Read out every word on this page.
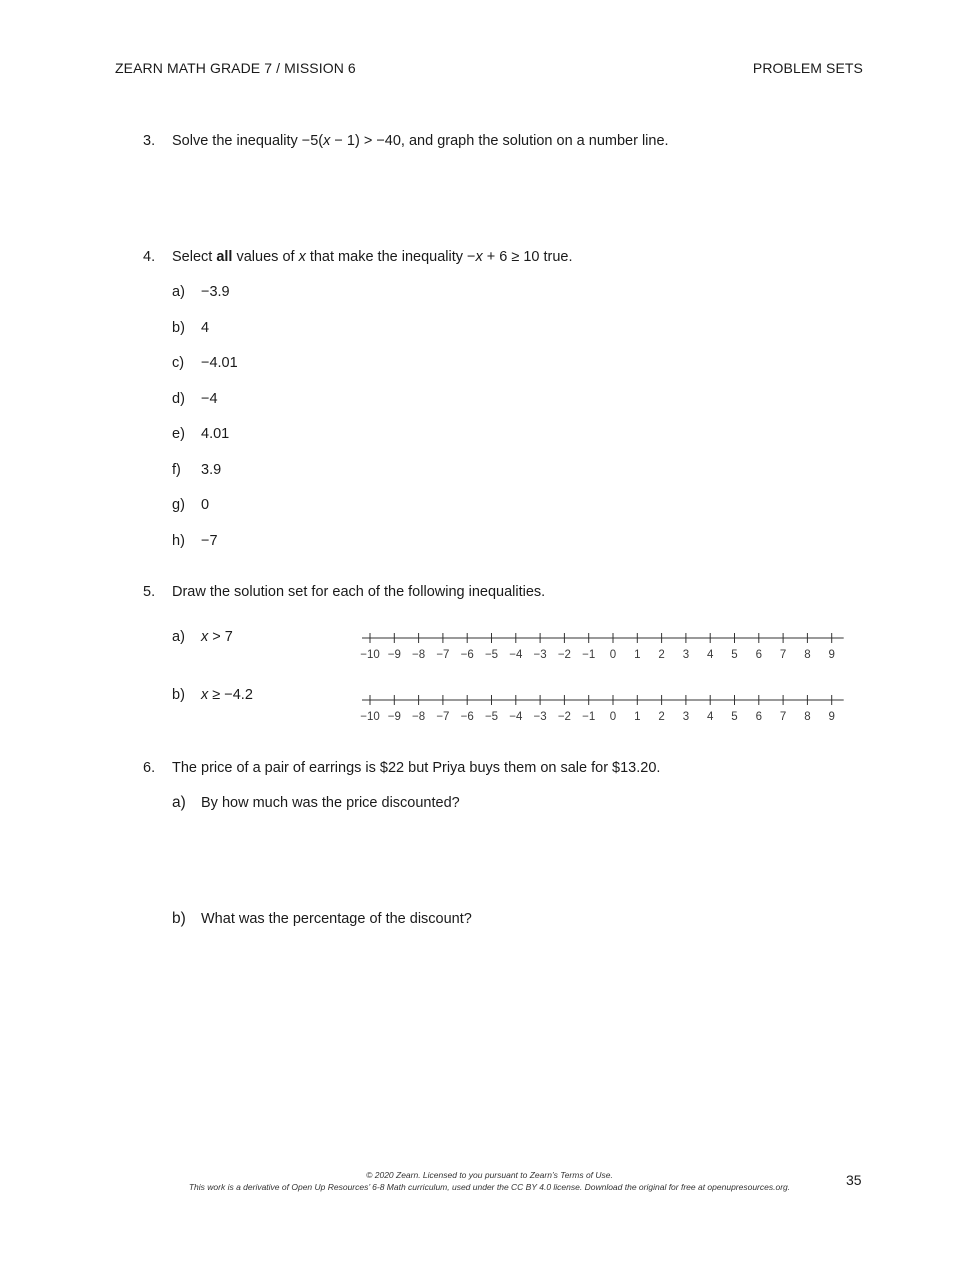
ZEARN MATH GRADE 7 / MISSION 6	PROBLEM SETS
3. Solve the inequality −5(x − 1) > −40, and graph the solution on a number line.
4. Select all values of x that make the inequality −x + 6 ≥ 10 true.
a) −3.9
b) 4
c) −4.01
d) −4
e) 4.01
f) 3.9
g) 0
h) −7
5. Draw the solution set for each of the following inequalities.
a) x > 7
−10 −9 −8 −7 −6 −5 −4 −3 −2 −1 0 1 2 3 4 5 6 7 8 9
b) x ≥ −4.2
−10 −9 −8 −7 −6 −5 −4 −3 −2 −1 0 1 2 3 4 5 6 7 8 9
6. The price of a pair of earrings is $22 but Priya buys them on sale for $13.20.
a) By how much was the price discounted?
b) What was the percentage of the discount?
© 2020 Zearn. Licensed to you pursuant to Zearn’s Terms of Use.
This work is a derivative of Open Up Resources’ 6-8 Math curriculum, used under the CC BY 4.0 license. Download the original for free at openupresources.org.	35
